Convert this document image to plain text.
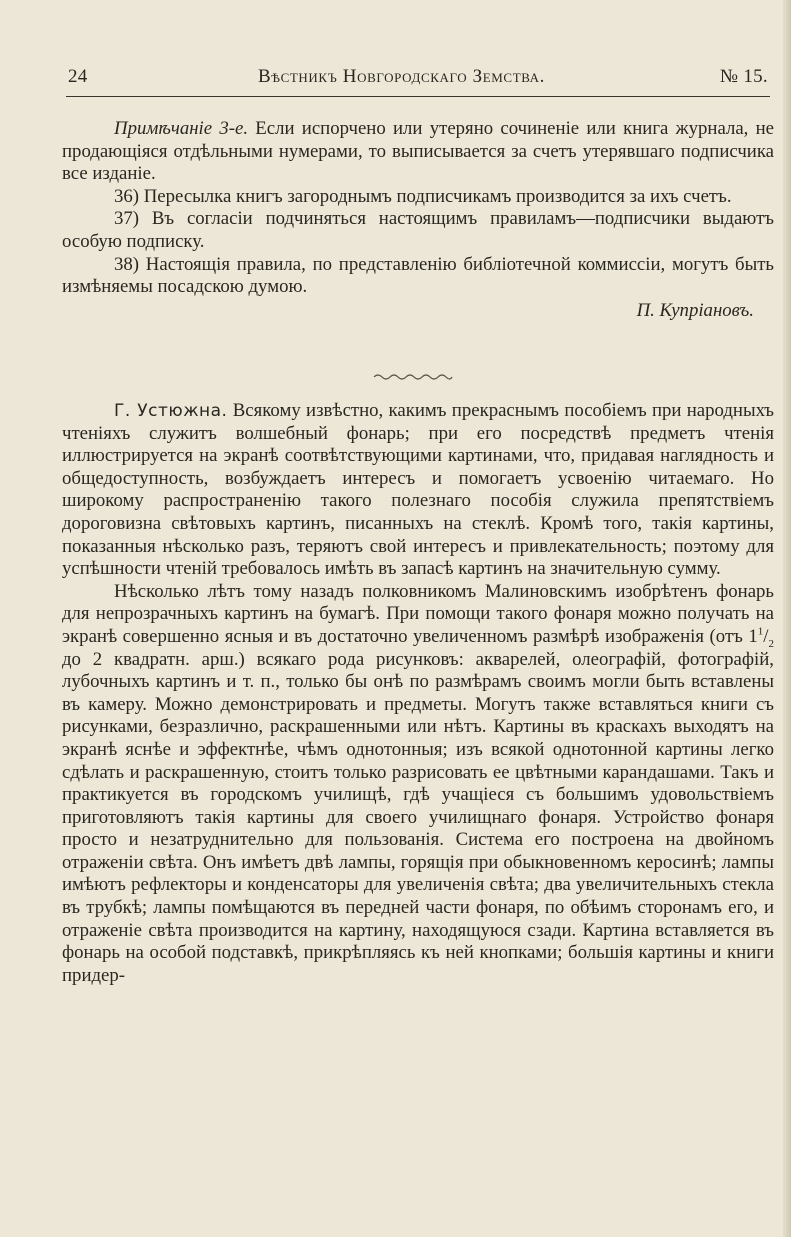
24	Вѣстникъ Новгородскаго Земства.	№ 15.

Примѣчаніе 3-е. Если испорчено или утеряно сочиненіе или книга журнала, не продающіяся отдѣльными нумерами, то выписывается за счетъ утерявшаго подписчика все изданіе.

36) Пересылка книгъ загороднымъ подписчикамъ производится за ихъ счетъ.

37) Въ согласіи подчиняться настоящимъ правиламъ—подписчики выдаютъ особую подписку.

38) Настоящія правила, по представленію библіотечной коммиссіи, могутъ быть измѣняемы посадскою думою.

П. Купріановъ.

Г. Устюжна. Всякому извѣстно, какимъ прекраснымъ пособіемъ при народныхъ чтеніяхъ служитъ волшебный фонарь; при его посредствѣ предметъ чтенія иллюстрируется на экранѣ соотвѣтствующими картинами, что, придавая наглядность и общедоступность, возбуждаетъ интересъ и помогаетъ усвоенію читаемаго. Но широкому распространенію такого полезнаго пособія служила препятствіемъ дороговизна свѣтовыхъ картинъ, писанныхъ на стеклѣ. Кромѣ того, такія картины, показанныя нѣсколько разъ, теряютъ свой интересъ и привлекательность; поэтому для успѣшности чтеній требовалось имѣть въ запасѣ картинъ на значительную сумму.

Нѣсколько лѣтъ тому назадъ полковникомъ Малиновскимъ изобрѣтенъ фонарь для непрозрачныхъ картинъ на бумагѣ. При помощи такого фонаря можно получать на экранѣ совершенно ясныя и въ достаточно увеличенномъ размѣрѣ изображенія (отъ $1^1/_2$ до 2 квадратн. арш.) всякаго рода рисунковъ: акварелей, олеографій, фотографій, лубочныхъ картинъ и т. п., только бы онѣ по размѣрамъ своимъ могли быть вставлены въ камеру. Можно демонстрировать и предметы. Могутъ также вставляться книги съ рисунками, безразлично, раскрашенными или нѣтъ. Картины въ краскахъ выходятъ на экранѣ яснѣе и эффектнѣе, чѣмъ однотонныя; изъ всякой однотонной картины легко сдѣлать и раскрашенную, стоитъ только разрисовать ее цвѣтными карандашами. Такъ и практикуется въ городскомъ училищѣ, гдѣ учащіеся съ большимъ удовольствіемъ приготовляютъ такія картины для своего училищнаго фонаря. Устройство фонаря просто и незатруднительно для пользованія. Система его построена на двойномъ отраженіи свѣта. Онъ имѣетъ двѣ лампы, горящія при обыкновенномъ керосинѣ; лампы имѣютъ рефлекторы и конденсаторы для увеличенія свѣта; два увеличительныхъ стекла въ трубкѣ; лампы помѣщаются въ передней части фонаря, по обѣимъ сторонамъ его, и отраженіе свѣта производится на картину, находящуюся сзади. Картина вставляется въ фонарь на особой подставкѣ, прикрѣпляясь къ ней кнопками; большія картины и книги придер-
